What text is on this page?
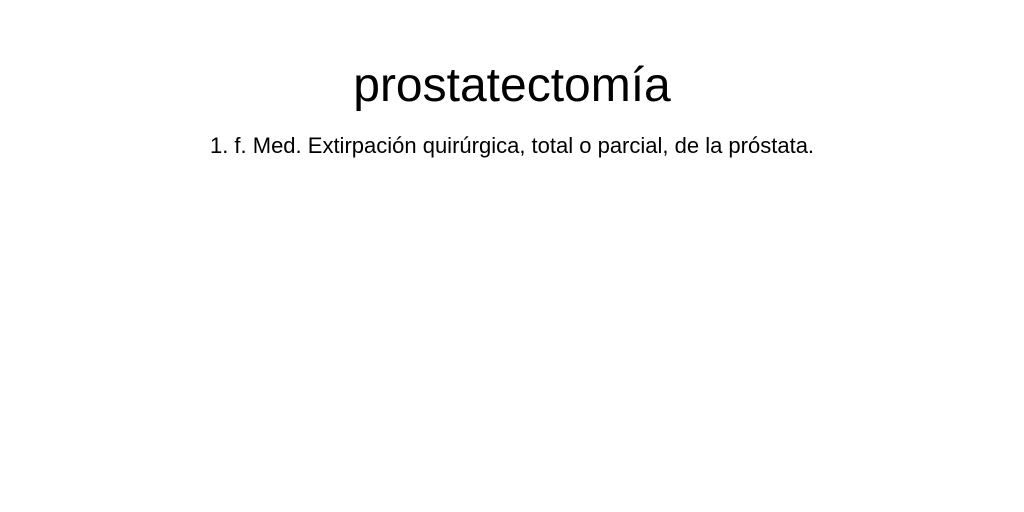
prostatectomía

1. f. Med. Extirpación quirúrgica, total o parcial, de la próstata.
